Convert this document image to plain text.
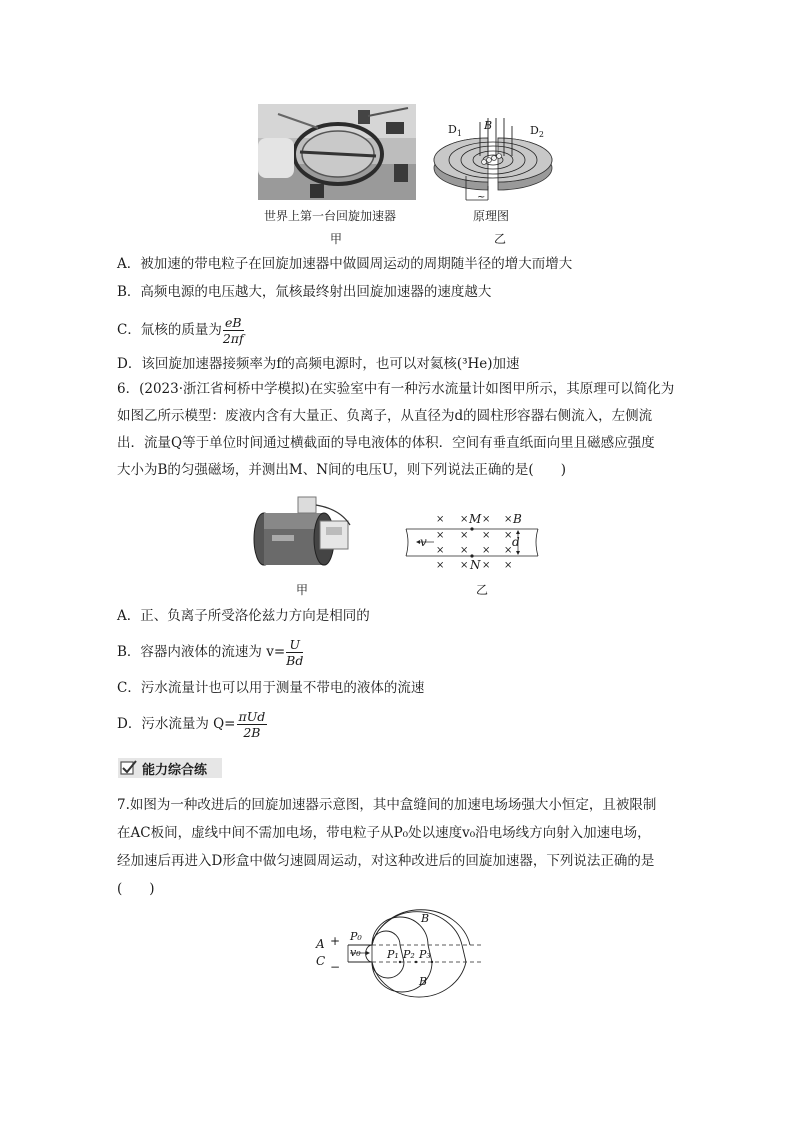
世界上第一台回旋加速器
甲
$D_1$
B	$D_2$
~
原理图
乙
A．被加速的带电粒子在回旋加速器中做圆周运动的周期随半径的增大而增大
B．高频电源的电压越大，氚核最终射出回旋加速器的速度越大
C．氚核的质量为 $\frac{eB}{2\pi f}$
D．该回旋加速器接频率为f的高频电源时，也可以对氦核(³He)加速
6．(2023·浙江省柯桥中学模拟)在实验室中有一种污水流量计如图甲所示，其原理可以简化为
如图乙所示模型：废液内含有大量正、负离子，从直径为d的圆柱形容器右侧流入，左侧流
出．流量Q等于单位时间通过横截面的导电液体的体积．空间有垂直纸面向里且磁感应强度
大小为B的匀强磁场，并测出M、N间的电压U，则下列说法正确的是(　　)
甲
× × M × × B
× × × ×
v	d
× × × ×
× × N × ×
乙
A．正、负离子所受洛伦兹力方向是相同的
B．容器内液体的流速为 $v= \frac{U}{Bd}$
C．污水流量计也可以用于测量不带电的液体的流速
D．污水流量为 $Q= \frac{\text{πUd}}{2B}$
能力综合练
7.如图为一种改进后的回旋加速器示意图，其中盒缝间的加速电场场强大小恒定，且被限制
在AC板间，虚线中间不需加电场，带电粒子从P₀处以速度v₀沿电场线方向射入加速电场，
经加速后再进入D形盒中做匀速圆周运动，对这种改进后的回旋加速器，下列说法正确的是
(　　)
A +
C −
P₀
v₀ P₁ P₂ P₃
B
B
